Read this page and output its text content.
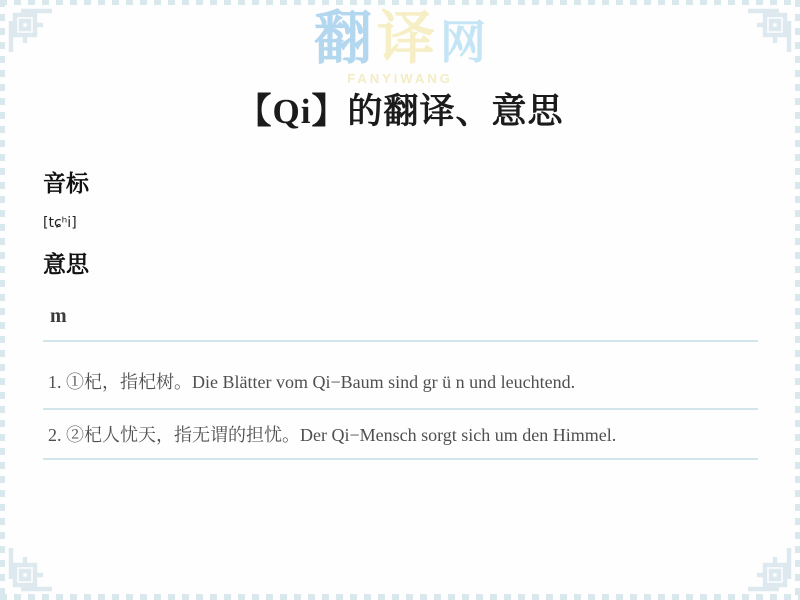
翻 译 网
FANYIWANG
【Qi】的翻译、意思
音标
[tɕʰi]
意思
m
1. ①杞，指杞树。Die Blätter vom Qi−Baum sind gr ü n und leuchtend.
2. ②杞人忧天，指无谓的担忧。Der Qi−Mensch sorgt sich um den Himmel.
